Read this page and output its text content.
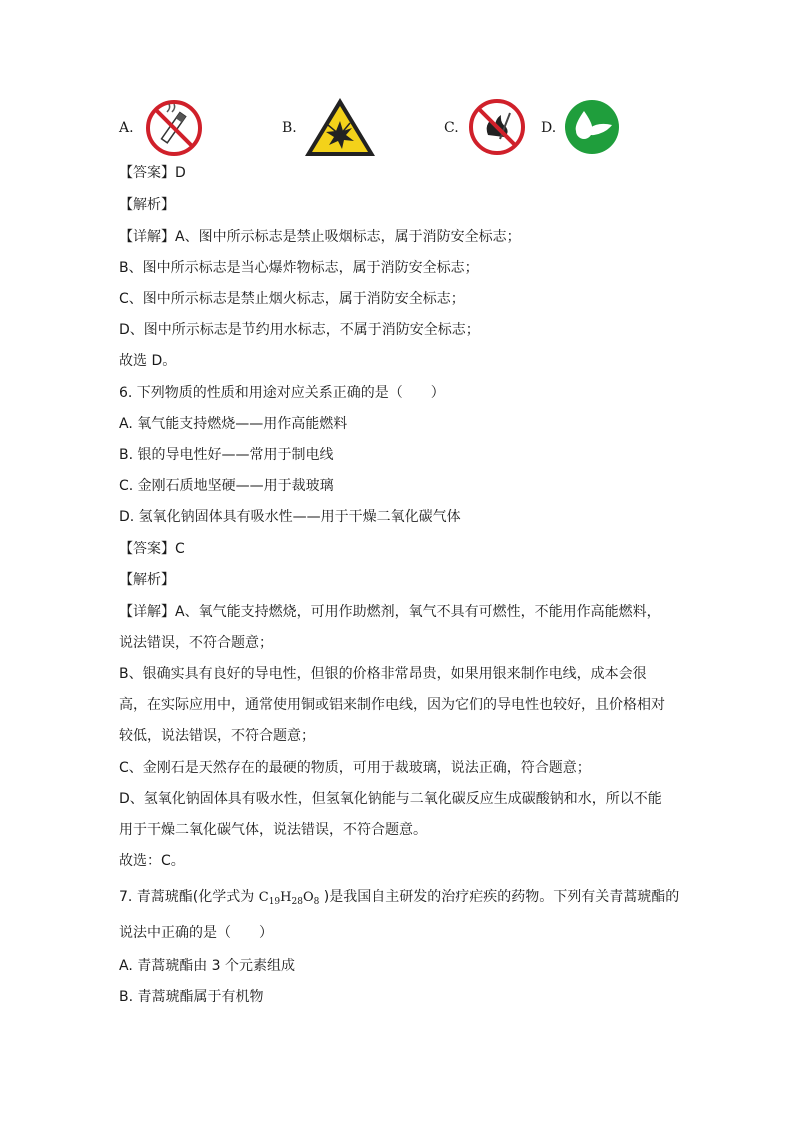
A.	B.	C.	D.
【答案】D
【解析】
【详解】A、图中所示标志是禁止吸烟标志，属于消防安全标志；
B、图中所示标志是当心爆炸物标志，属于消防安全标志；
C、图中所示标志是禁止烟火标志，属于消防安全标志；
D、图中所示标志是节约用水标志，不属于消防安全标志；
故选 D。
6. 下列物质的性质和用途对应关系正确的是（　　）
A. 氧气能支持燃烧——用作高能燃料
B. 银的导电性好——常用于制电线
C. 金刚石质地坚硬——用于裁玻璃
D. 氢氧化钠固体具有吸水性——用于干燥二氧化碳气体
【答案】C
【解析】
【详解】A、氧气能支持燃烧，可用作助燃剂，氧气不具有可燃性，不能用作高能燃料，
说法错误，不符合题意；
B、银确实具有良好的导电性，但银的价格非常昂贵，如果用银来制作电线，成本会很
高，在实际应用中，通常使用铜或铝来制作电线，因为它们的导电性也较好，且价格相对
较低，说法错误，不符合题意；
C、金刚石是天然存在的最硬的物质，可用于裁玻璃，说法正确，符合题意；
D、氢氧化钠固体具有吸水性，但氢氧化钠能与二氧化碳反应生成碳酸钠和水，所以不能
用于干燥二氧化碳气体，说法错误，不符合题意。
故选：C。
7. 青蒿琥酯(化学式为 $C_{19}H_{28}O_8$ )是我国自主研发的治疗疟疾的药物。下列有关青蒿琥酯的
说法中正确的是（　　）
A. 青蒿琥酯由 3 个元素组成
B. 青蒿琥酯属于有机物
